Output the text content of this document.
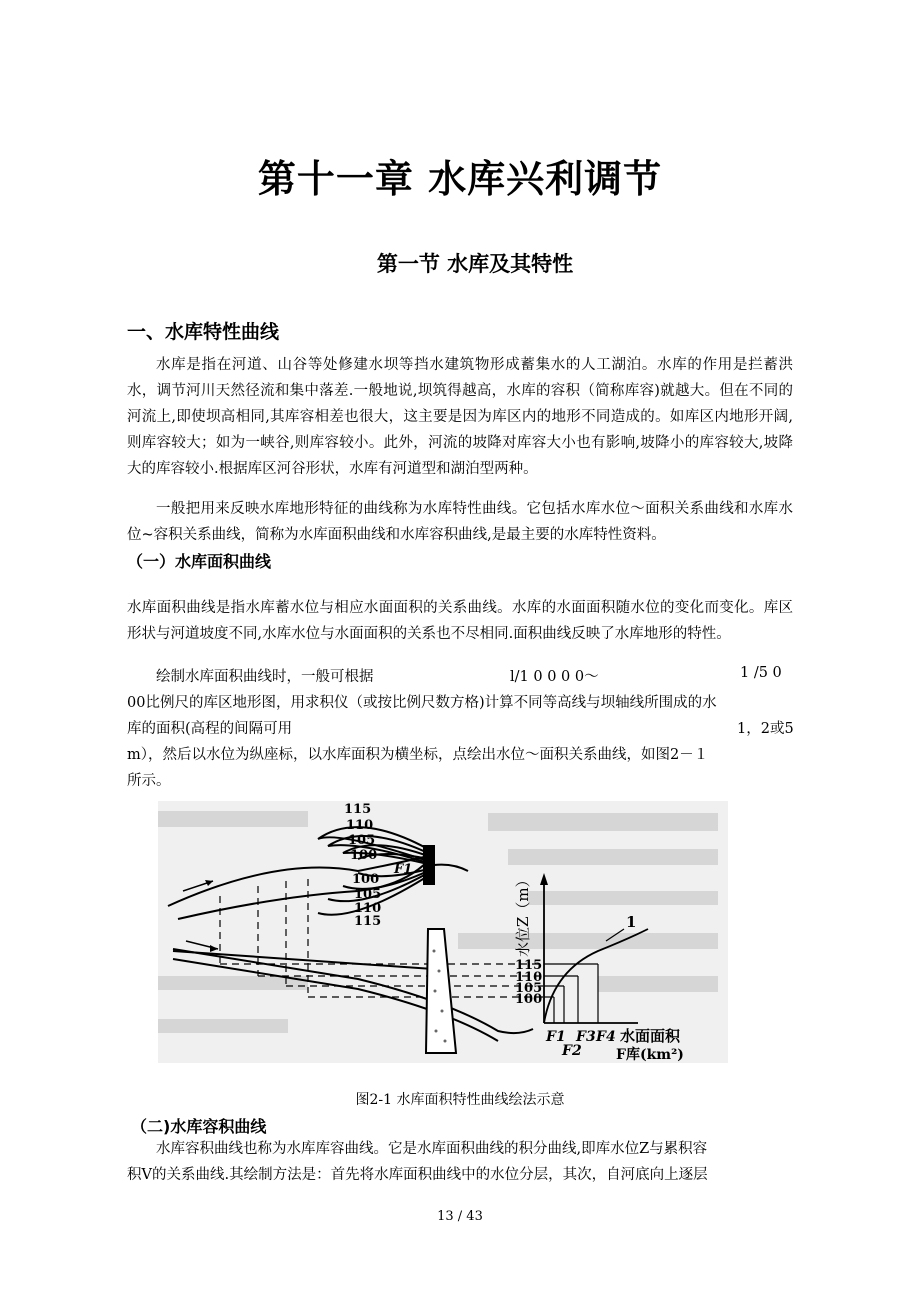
第十一章 水库兴利调节
第一节 水库及其特性
一、水库特性曲线
水库是指在河道、山谷等处修建水坝等挡水建筑物形成蓄集水的人工湖泊。水库的作用是拦蓄洪水，调节河川天然径流和集中落差.一般地说,坝筑得越高，水库的容积（简称库容)就越大。但在不同的河流上,即使坝高相同,其库容相差也很大，这主要是因为库区内的地形不同造成的。如库区内地形开阔,则库容较大；如为一峡谷,则库容较小。此外，河流的坡降对库容大小也有影响,坡降小的库容较大,坡降大的库容较小.根据库区河谷形状，水库有河道型和湖泊型两种。
一般把用来反映水库地形特征的曲线称为水库特性曲线。它包括水库水位～面积关系曲线和水库水位~容积关系曲线，简称为水库面积曲线和水库容积曲线,是最主要的水库特性资料。
（一）水库面积曲线
水库面积曲线是指水库蓄水位与相应水面面积的关系曲线。水库的水面面积随水位的变化而变化。库区形状与河道坡度不同,水库水位与水面面积的关系也不尽相同.面积曲线反映了水库地形的特性。
绘制水库面积曲线时，一般可根据	l/1 0 0 0 0～	1 /5 0
00比例尺的库区地形图，用求积仪（或按比例尺数方格)计算不同等高线与坝轴线所围成的水
库的面积(高程的间隔可用	1，2或5
m），然后以水位为纵座标，以水库面积为横坐标，点绘出水位～面积关系曲线，如图2－１
所示。
115
110
105
100
100
105
110
115
F1
115
110
105
100
水位Z（m）
F1
F2
F3 F4 水面面积
F库(km²)
1
图2-1 水库面积特性曲线绘法示意
（二)水库容积曲线
水库容积曲线也称为水库库容曲线。它是水库面积曲线的积分曲线,即库水位Z与累积容
积V的关系曲线.其绘制方法是：首先将水库面积曲线中的水位分层，其次，自河底向上逐层
13 / 43
